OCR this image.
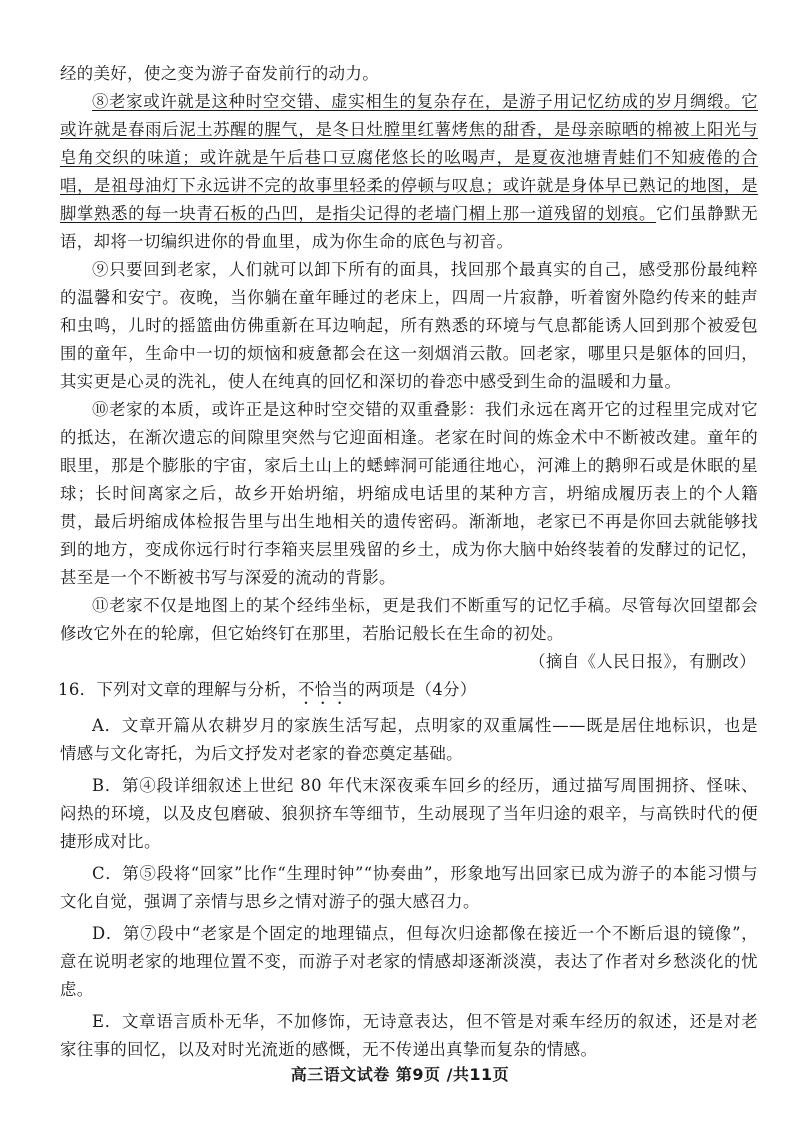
经的美好，使之变为游子奋发前行的动力。

⑧老家或许就是这种时空交错、虚实相生的复杂存在，是游子用记忆纺成的岁月绸缎。它或许就是春雨后泥土苏醒的腥气，是冬日灶膛里红薯烤焦的甜香，是母亲晾晒的棉被上阳光与皂角交织的味道；或许就是午后巷口豆腐佬悠长的吆喝声，是夏夜池塘青蛙们不知疲倦的合唱，是祖母油灯下永远讲不完的故事里轻柔的停顿与叹息；或许就是身体早已熟记的地图，是脚掌熟悉的每一块青石板的凸凹，是指尖记得的老墙门楣上那一道残留的划痕。它们虽静默无语，却将一切编织进你的骨血里，成为你生命的底色与初音。

⑨只要回到老家，人们就可以卸下所有的面具，找回那个最真实的自己，感受那份最纯粹的温馨和安宁。夜晚，当你躺在童年睡过的老床上，四周一片寂静，听着窗外隐约传来的蛙声和虫鸣，儿时的摇篮曲仿佛重新在耳边响起，所有熟悉的环境与气息都能诱人回到那个被爱包围的童年，生命中一切的烦恼和疲惫都会在这一刻烟消云散。回老家，哪里只是躯体的回归，其实更是心灵的洗礼，使人在纯真的回忆和深切的眷恋中感受到生命的温暖和力量。

⑩老家的本质，或许正是这种时空交错的双重叠影：我们永远在离开它的过程里完成对它的抵达，在渐次遗忘的间隙里突然与它迎面相逢。老家在时间的炼金术中不断被改建。童年的眼里，那是个膨胀的宇宙，家后土山上的蟋蟀洞可能通往地心，河滩上的鹅卵石或是休眠的星球；长时间离家之后，故乡开始坍缩，坍缩成电话里的某种方言，坍缩成履历表上的个人籍贯，最后坍缩成体检报告里与出生地相关的遗传密码。渐渐地，老家已不再是你回去就能够找到的地方，变成你远行时行李箱夹层里残留的乡土，成为你大脑中始终装着的发酵过的记忆，甚至是一个不断被书写与深爱的流动的背影。

⑪老家不仅是地图上的某个经纬坐标，更是我们不断重写的记忆手稿。尽管每次回望都会修改它外在的轮廓，但它始终钉在那里，若胎记般长在生命的初处。

（摘自《人民日报》，有删改）

16．下列对文章的理解与分析，不恰当的两项是（4分）

A．文章开篇从农耕岁月的家族生活写起，点明家的双重属性——既是居住地标识，也是情感与文化寄托，为后文抒发对老家的眷恋奠定基础。

B．第④段详细叙述上世纪 80 年代末深夜乘车回乡的经历，通过描写周围拥挤、怪味、闷热的环境，以及皮包磨破、狼狈挤车等细节，生动展现了当年归途的艰辛，与高铁时代的便捷形成对比。

C．第⑤段将“回家”比作“生理时钟”“协奏曲”，形象地写出回家已成为游子的本能习惯与文化自觉，强调了亲情与思乡之情对游子的强大感召力。

D．第⑦段中“老家是个固定的地理锚点，但每次归途都像在接近一个不断后退的镜像”，意在说明老家的地理位置不变，而游子对老家的情感却逐渐淡漠，表达了作者对乡愁淡化的忧虑。

E．文章语言质朴无华，不加修饰，无诗意表达，但不管是对乘车经历的叙述，还是对老家往事的回忆，以及对时光流逝的感慨，无不传递出真挚而复杂的情感。

高三语文试卷 第9页 /共11页
